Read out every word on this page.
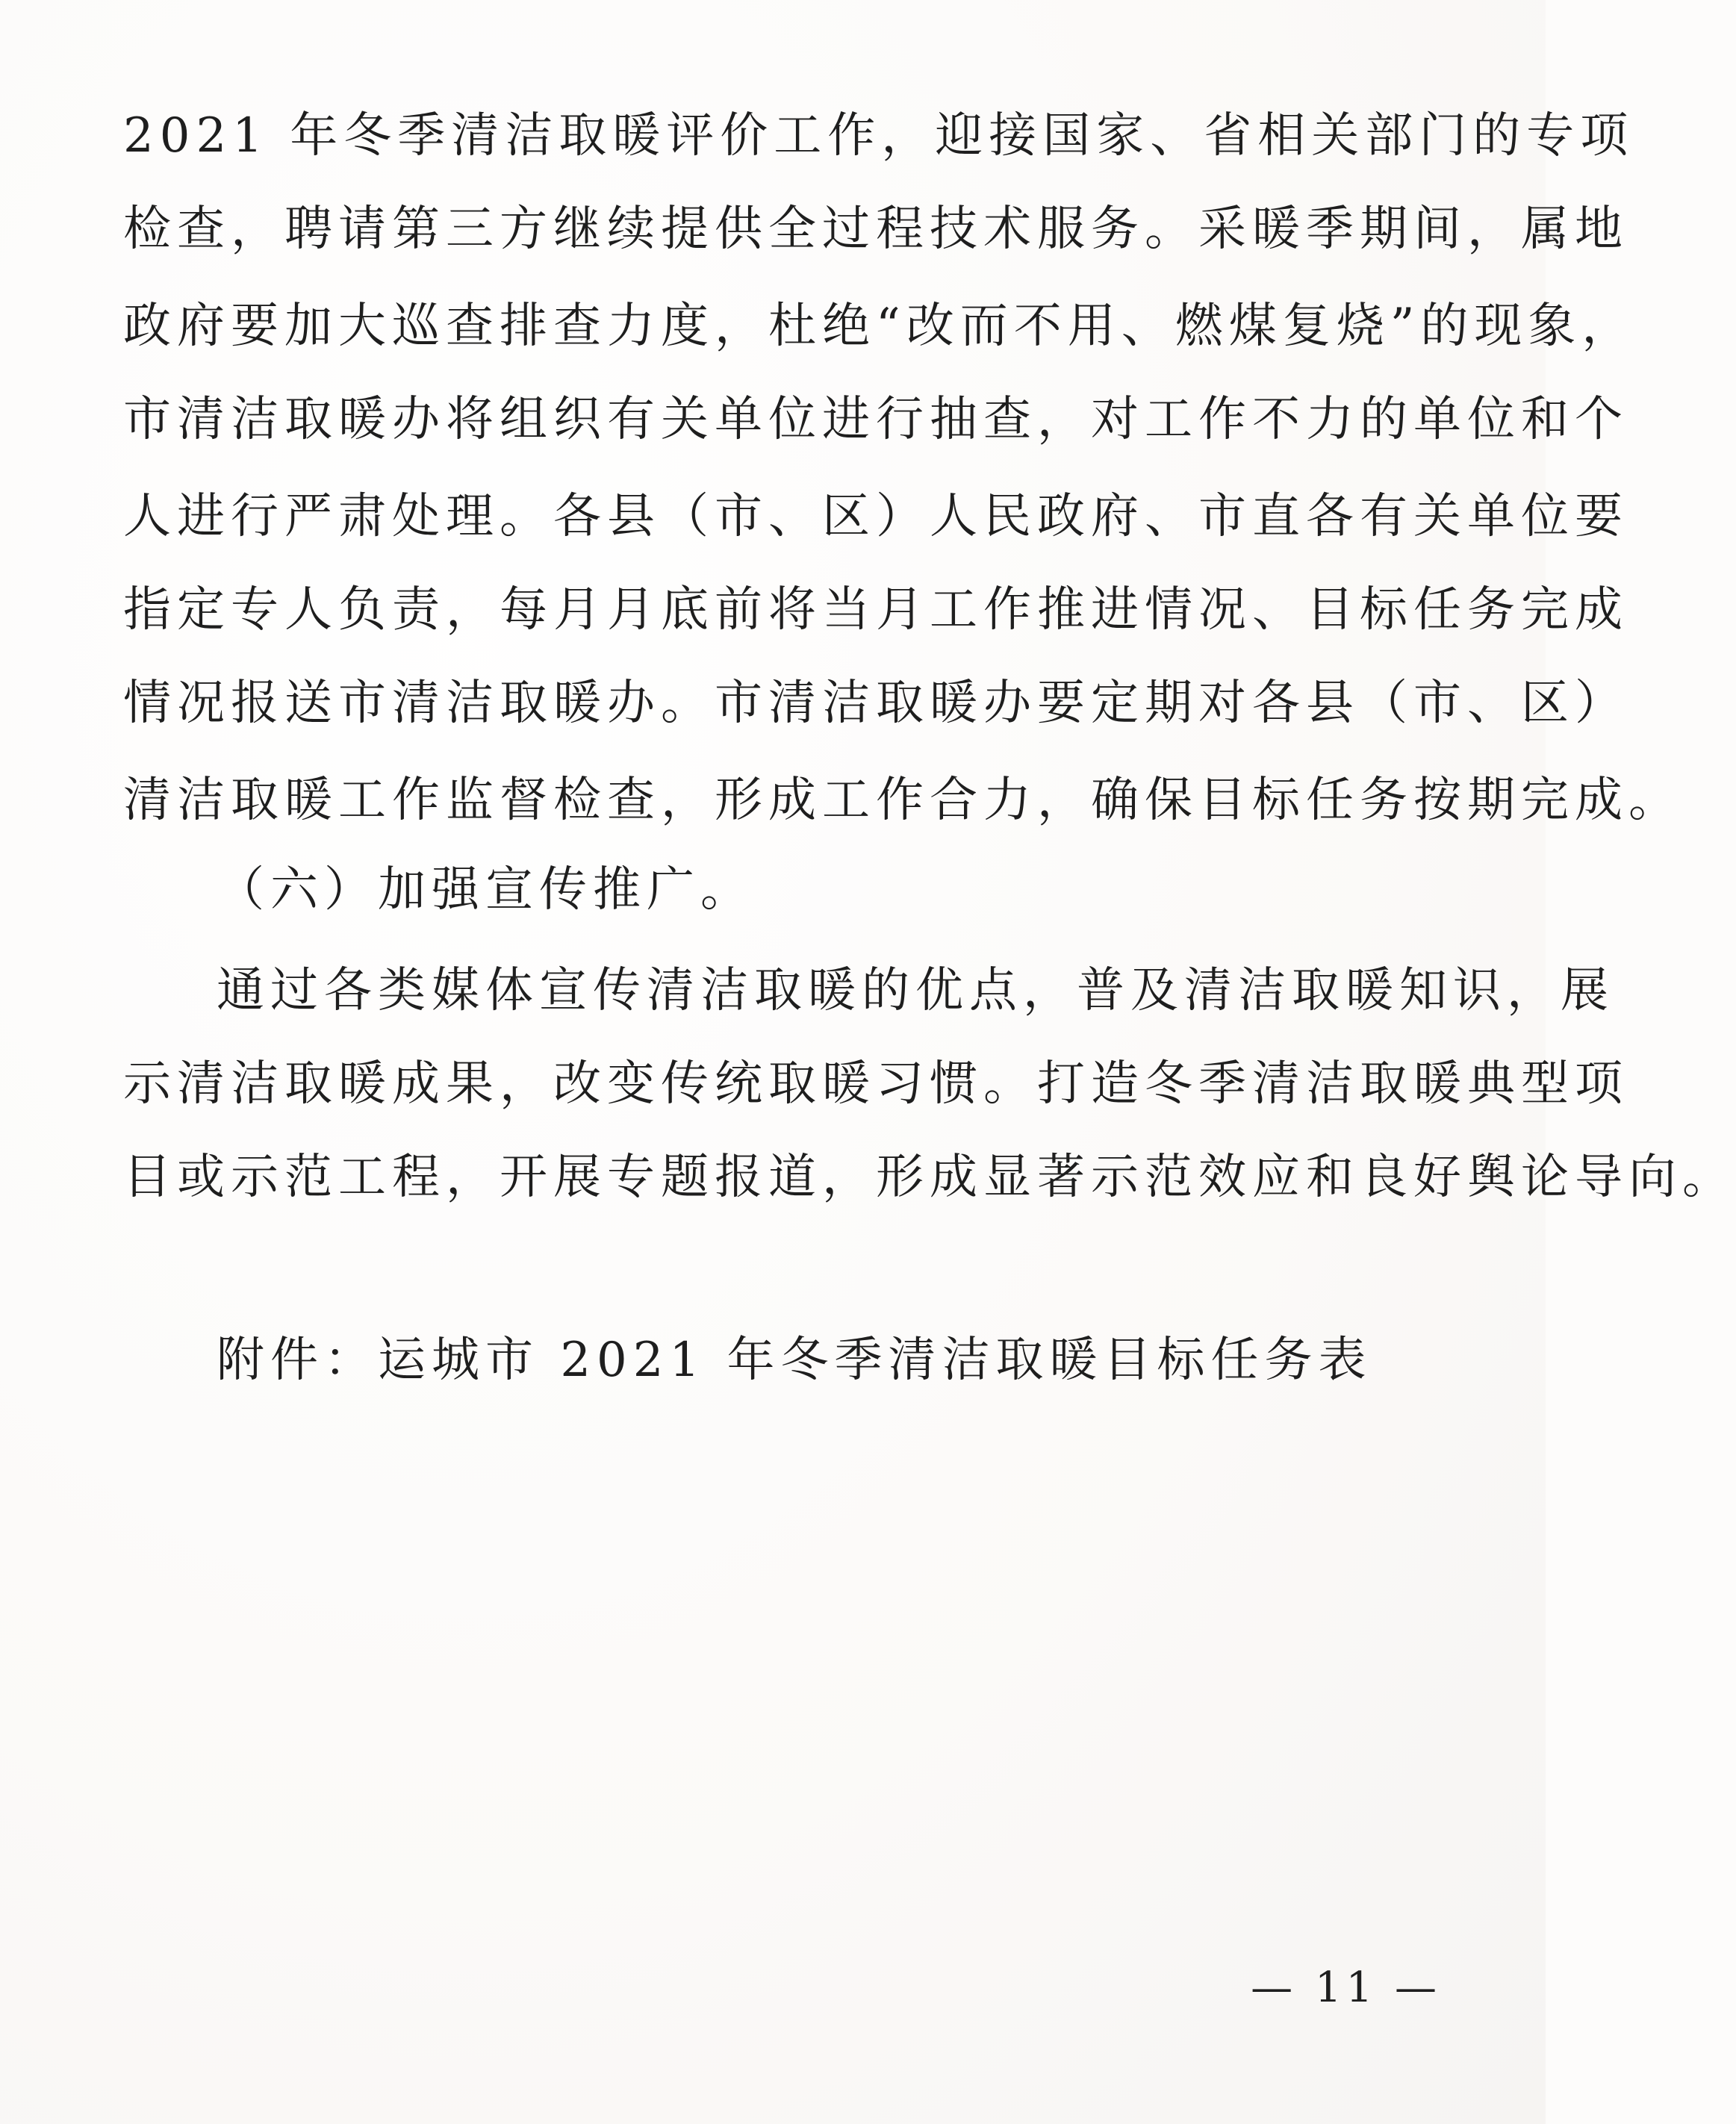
2021 年冬季清洁取暖评价工作，迎接国家、省相关部门的专项
检查，聘请第三方继续提供全过程技术服务。采暖季期间，属地
政府要加大巡查排查力度，杜绝“改而不用、燃煤复烧”的现象，
市清洁取暖办将组织有关单位进行抽查，对工作不力的单位和个
人进行严肃处理。各县（市、区）人民政府、市直各有关单位要
指定专人负责，每月月底前将当月工作推进情况、目标任务完成
情况报送市清洁取暖办。市清洁取暖办要定期对各县（市、区）
清洁取暖工作监督检查，形成工作合力，确保目标任务按期完成。
（六）加强宣传推广。
通过各类媒体宣传清洁取暖的优点，普及清洁取暖知识，展
示清洁取暖成果，改变传统取暖习惯。打造冬季清洁取暖典型项
目或示范工程，开展专题报道，形成显著示范效应和良好舆论导向。
附件：运城市 2021 年冬季清洁取暖目标任务表
— 11 —
